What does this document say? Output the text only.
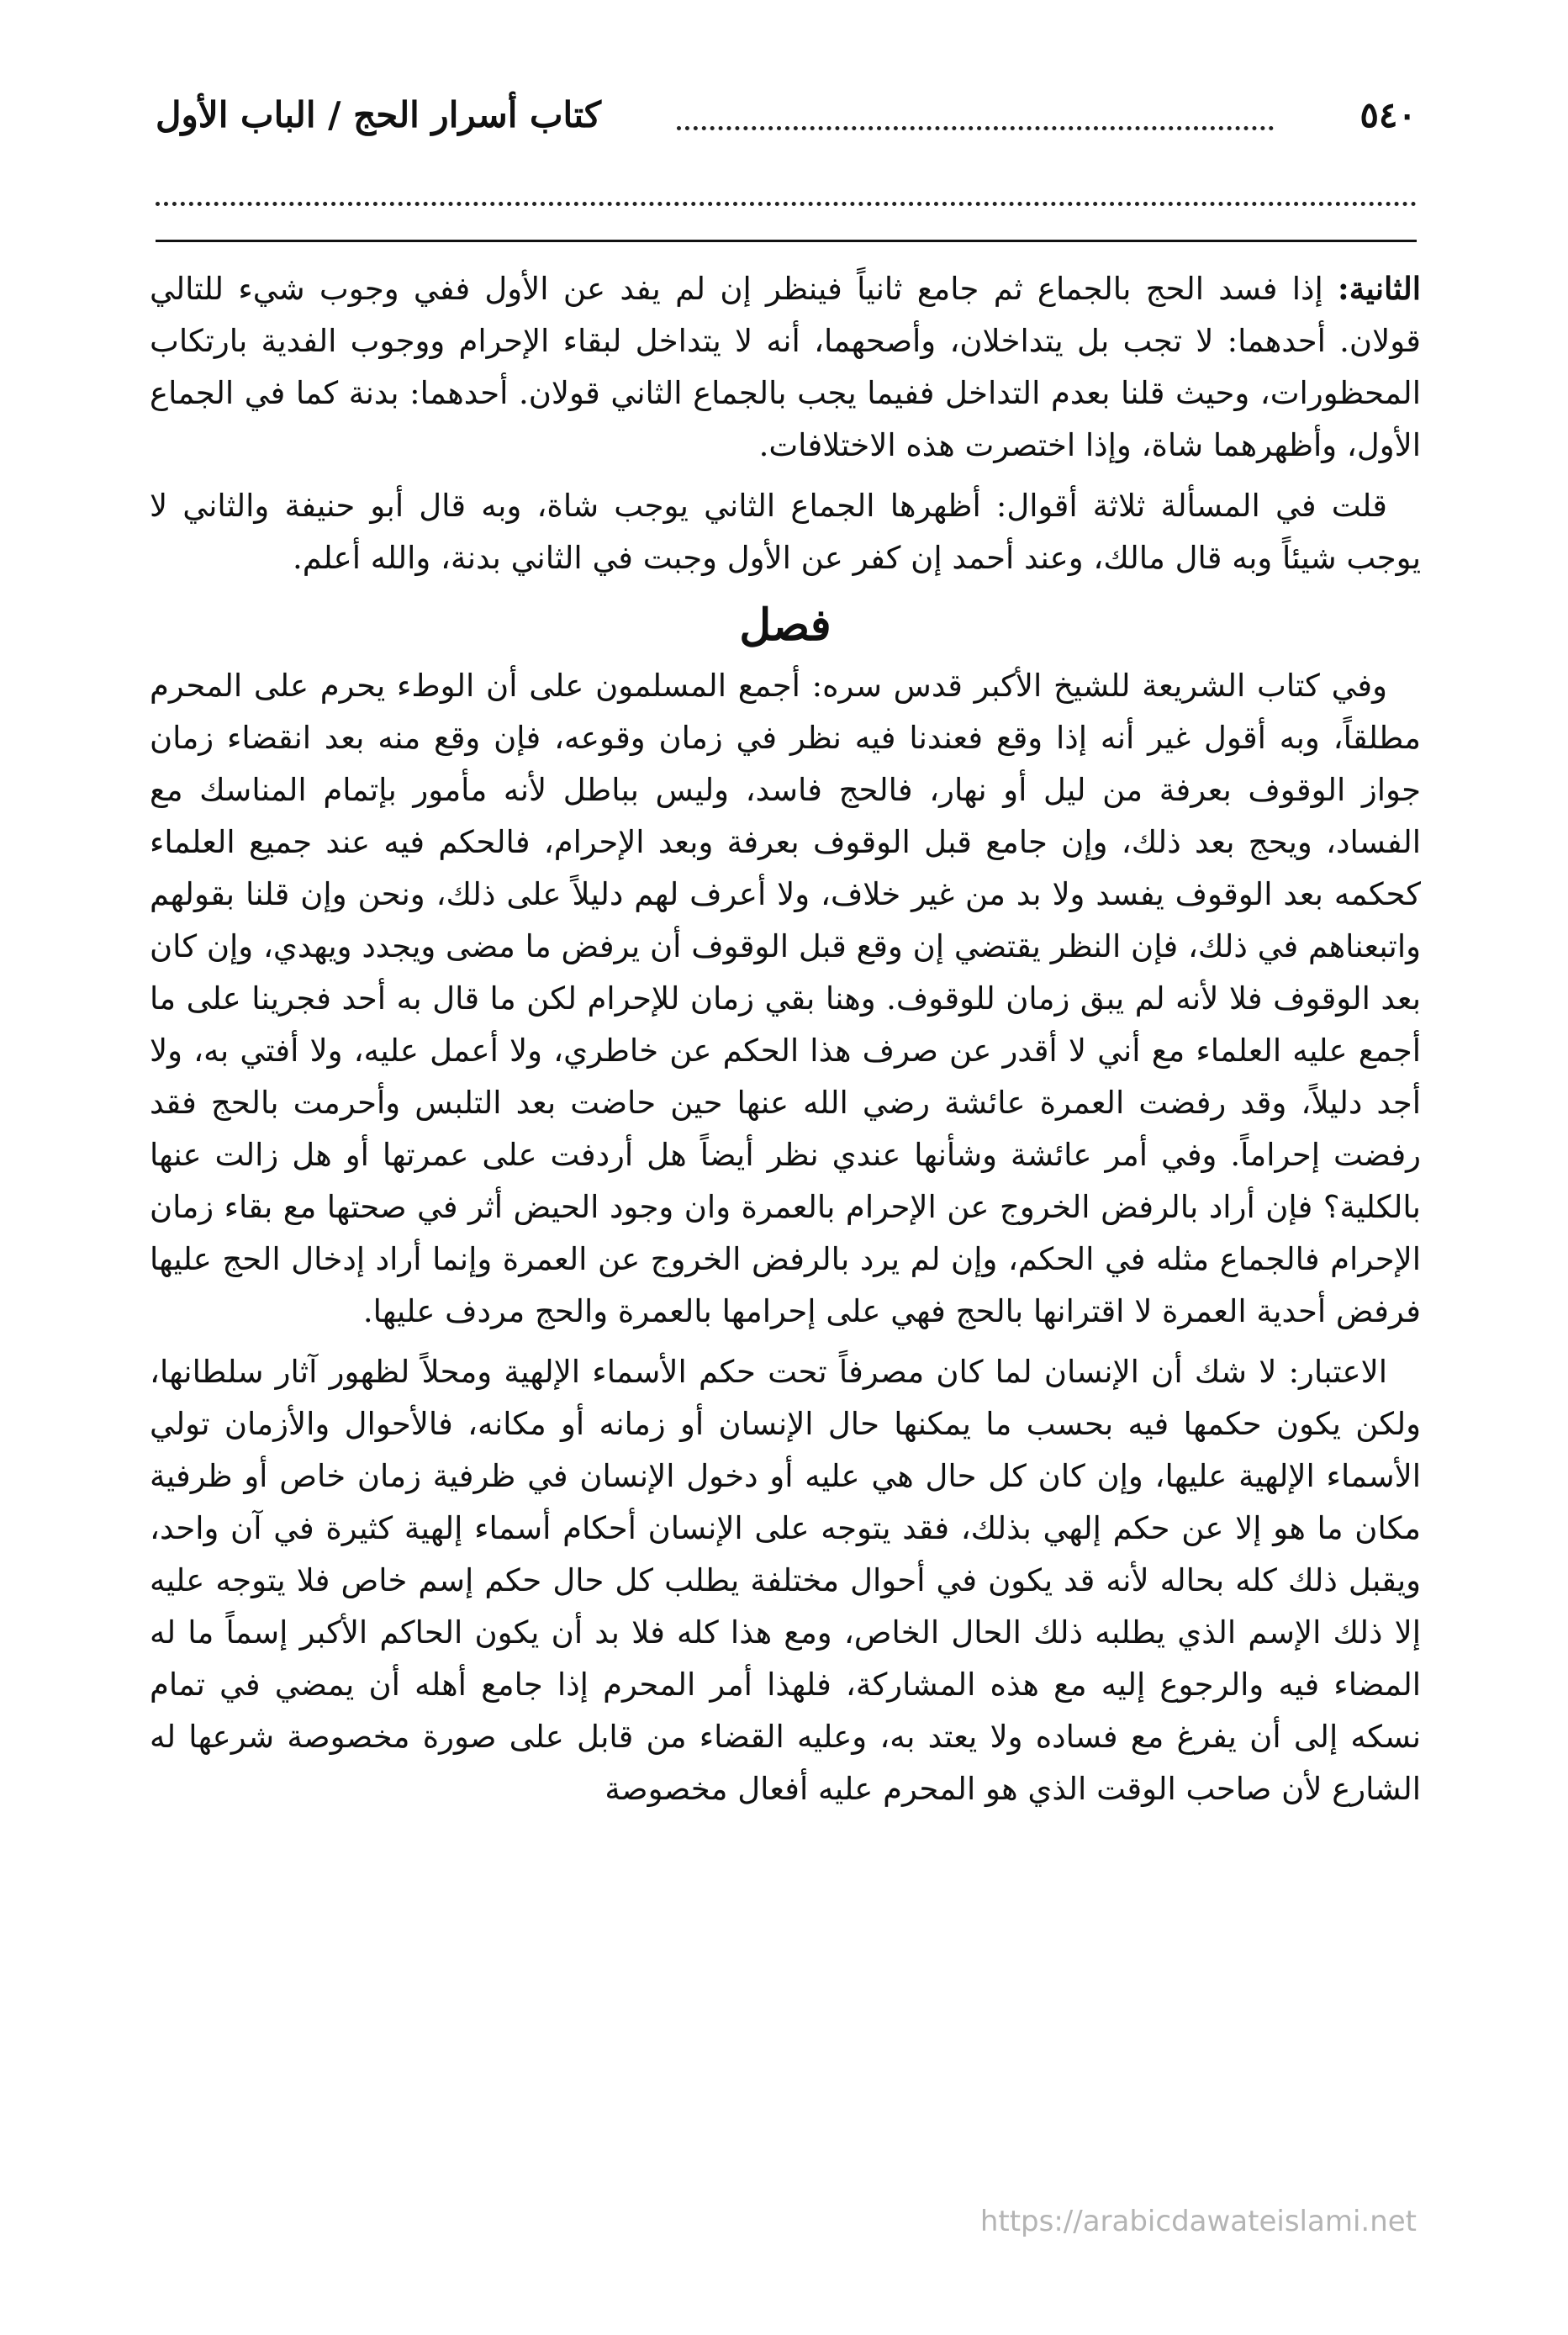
٥٤٠
كتاب أسرار الحج / الباب الأول

الثانية: إذا فسد الحج بالجماع ثم جامع ثانياً فينظر إن لم يفد عن الأول ففي وجوب شيء للتالي قولان. أحدهما: لا تجب بل يتداخلان، وأصحهما، أنه لا يتداخل لبقاء الإحرام ووجوب الفدية بارتكاب المحظورات، وحيث قلنا بعدم التداخل ففيما يجب بالجماع الثاني قولان. أحدهما: بدنة كما في الجماع الأول، وأظهرهما شاة، وإذا اختصرت هذه الاختلافات.

قلت في المسألة ثلاثة أقوال: أظهرها الجماع الثاني يوجب شاة، وبه قال أبو حنيفة والثاني لا يوجب شيئاً وبه قال مالك، وعند أحمد إن كفر عن الأول وجبت في الثاني بدنة، والله أعلم.

فصل

وفي كتاب الشريعة للشيخ الأكبر قدس سره: أجمع المسلمون على أن الوطء يحرم على المحرم مطلقاً، وبه أقول غير أنه إذا وقع فعندنا فيه نظر في زمان وقوعه، فإن وقع منه بعد انقضاء زمان جواز الوقوف بعرفة من ليل أو نهار، فالحج فاسد، وليس بباطل لأنه مأمور بإتمام المناسك مع الفساد، ويحج بعد ذلك، وإن جامع قبل الوقوف بعرفة وبعد الإحرام، فالحكم فيه عند جميع العلماء كحكمه بعد الوقوف يفسد ولا بد من غير خلاف، ولا أعرف لهم دليلاً على ذلك، ونحن وإن قلنا بقولهم واتبعناهم في ذلك، فإن النظر يقتضي إن وقع قبل الوقوف أن يرفض ما مضى ويجدد ويهدي، وإن كان بعد الوقوف فلا لأنه لم يبق زمان للوقوف. وهنا بقي زمان للإحرام لكن ما قال به أحد فجرينا على ما أجمع عليه العلماء مع أني لا أقدر عن صرف هذا الحكم عن خاطري، ولا أعمل عليه، ولا أفتي به، ولا أجد دليلاً، وقد رفضت العمرة عائشة رضي الله عنها حين حاضت بعد التلبس وأحرمت بالحج فقد رفضت إحراماً. وفي أمر عائشة وشأنها عندي نظر أيضاً هل أردفت على عمرتها أو هل زالت عنها بالكلية؟ فإن أراد بالرفض الخروج عن الإحرام بالعمرة وان وجود الحيض أثر في صحتها مع بقاء زمان الإحرام فالجماع مثله في الحكم، وإن لم يرد بالرفض الخروج عن العمرة وإنما أراد إدخال الحج عليها فرفض أحدية العمرة لا اقترانها بالحج فهي على إحرامها بالعمرة والحج مردف عليها.

الاعتبار: لا شك أن الإنسان لما كان مصرفاً تحت حكم الأسماء الإلهية ومحلاً لظهور آثار سلطانها، ولكن يكون حكمها فيه بحسب ما يمكنها حال الإنسان أو زمانه أو مكانه، فالأحوال والأزمان تولي الأسماء الإلهية عليها، وإن كان كل حال هي عليه أو دخول الإنسان في ظرفية زمان خاص أو ظرفية مكان ما هو إلا عن حكم إلهي بذلك، فقد يتوجه على الإنسان أحكام أسماء إلهية كثيرة في آن واحد، ويقبل ذلك كله بحاله لأنه قد يكون في أحوال مختلفة يطلب كل حال حكم إسم خاص فلا يتوجه عليه إلا ذلك الإسم الذي يطلبه ذلك الحال الخاص، ومع هذا كله فلا بد أن يكون الحاكم الأكبر إسماً ما له المضاء فيه والرجوع إليه مع هذه المشاركة، فلهذا أمر المحرم إذا جامع أهله أن يمضي في تمام نسكه إلى أن يفرغ مع فساده ولا يعتد به، وعليه القضاء من قابل على صورة مخصوصة شرعها له الشارع لأن صاحب الوقت الذي هو المحرم عليه أفعال مخصوصة

https://arabicdawateislami.net
